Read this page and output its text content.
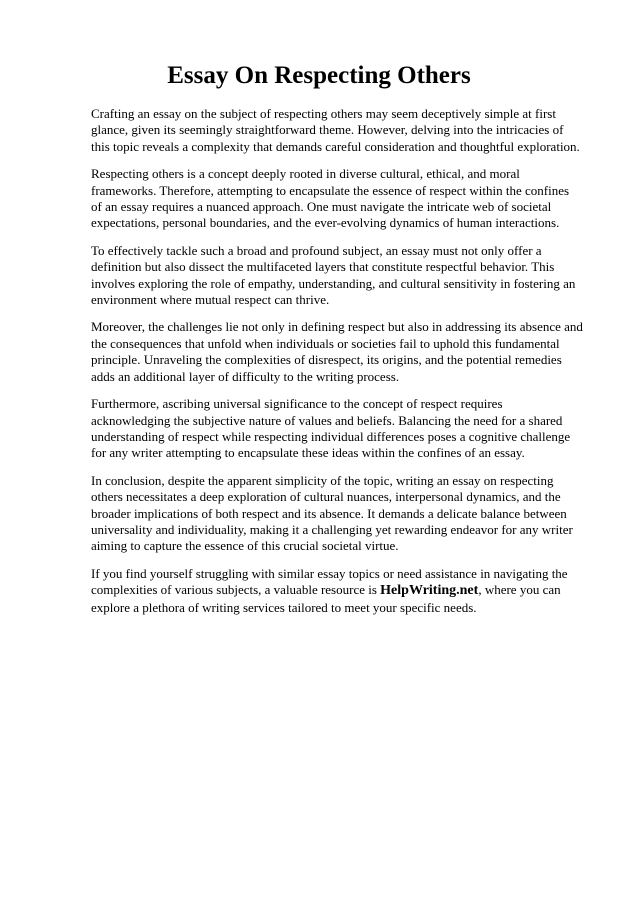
Essay On Respecting Others

Crafting an essay on the subject of respecting others may seem deceptively simple at first glance, given its seemingly straightforward theme. However, delving into the intricacies of this topic reveals a complexity that demands careful consideration and thoughtful exploration.

Respecting others is a concept deeply rooted in diverse cultural, ethical, and moral frameworks. Therefore, attempting to encapsulate the essence of respect within the confines of an essay requires a nuanced approach. One must navigate the intricate web of societal expectations, personal boundaries, and the ever-evolving dynamics of human interactions.

To effectively tackle such a broad and profound subject, an essay must not only offer a definition but also dissect the multifaceted layers that constitute respectful behavior. This involves exploring the role of empathy, understanding, and cultural sensitivity in fostering an environment where mutual respect can thrive.

Moreover, the challenges lie not only in defining respect but also in addressing its absence and the consequences that unfold when individuals or societies fail to uphold this fundamental principle. Unraveling the complexities of disrespect, its origins, and the potential remedies adds an additional layer of difficulty to the writing process.

Furthermore, ascribing universal significance to the concept of respect requires acknowledging the subjective nature of values and beliefs. Balancing the need for a shared understanding of respect while respecting individual differences poses a cognitive challenge for any writer attempting to encapsulate these ideas within the confines of an essay.

In conclusion, despite the apparent simplicity of the topic, writing an essay on respecting others necessitates a deep exploration of cultural nuances, interpersonal dynamics, and the broader implications of both respect and its absence. It demands a delicate balance between universality and individuality, making it a challenging yet rewarding endeavor for any writer aiming to capture the essence of this crucial societal virtue.

If you find yourself struggling with similar essay topics or need assistance in navigating the complexities of various subjects, a valuable resource is HelpWriting.net, where you can explore a plethora of writing services tailored to meet your specific needs.
